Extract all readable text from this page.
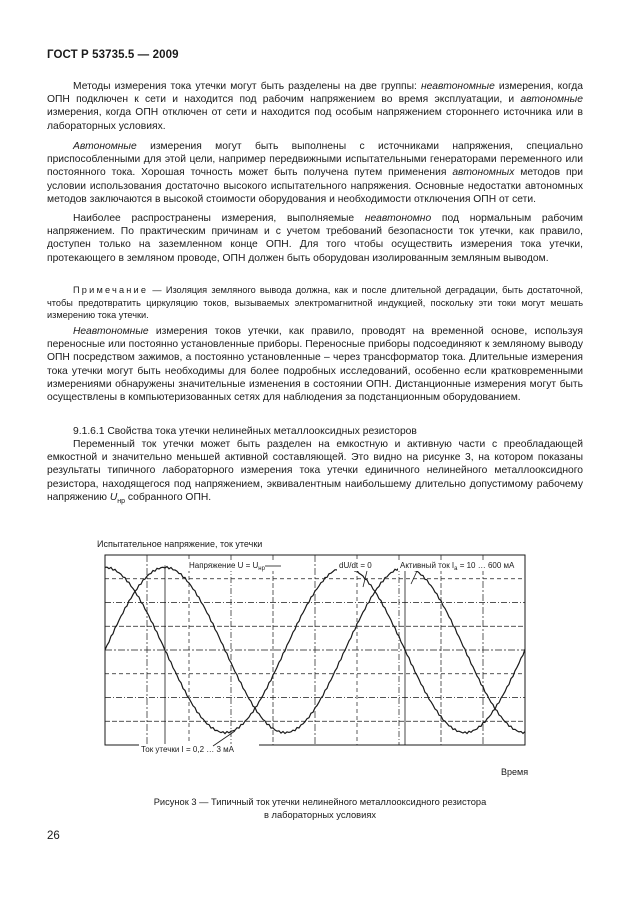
ГОСТ Р 53735.5 — 2009

Методы измерения тока утечки могут быть разделены на две группы: неавтономные измерения, когда ОПН подключен к сети и находится под рабочим напряжением во время эксплуатации, и автономные измерения, когда ОПН отключен от сети и находится под особым напряжением стороннего источника или в лабораторных условиях.

Автономные измерения могут быть выполнены с источниками напряжения, специально приспособленными для этой цели, например передвижными испытательными генераторами переменного или постоянного тока. Хорошая точность может быть получена путем применения автономных методов при условии использования достаточно высокого испытательного напряжения. Основные недостатки автономных методов заключаются в высокой стоимости оборудования и необходимости отключения ОПН от сети.

Наиболее распространены измерения, выполняемые неавтономно под нормальным рабочим напряжением. По практическим причинам и с учетом требований безопасности ток утечки, как правило, доступен только на заземленном конце ОПН. Для того чтобы осуществить измерения тока утечки, протекающего в земляном проводе, ОПН должен быть оборудован изолированным земляным выводом.

Примечание — Изоляция земляного вывода должна, как и после длительной деградации, быть достаточной, чтобы предотвратить циркуляцию токов, вызываемых электромагнитной индукцией, поскольку эти токи могут мешать измерению тока утечки.

Неавтономные измерения токов утечки, как правило, проводят на временной основе, используя переносные или постоянно установленные приборы. Переносные приборы подсоединяют к земляному выводу ОПН посредством зажимов, а постоянно установленные – через трансформатор тока. Длительные измерения тока утечки могут быть необходимы для более подробных исследований, особенно если кратковременными измерениями обнаружены значительные изменения в состоянии ОПН. Дистанционные измерения могут быть осуществлены в компьютеризованных сетях для наблюдения за подстанционным оборудованием.

9.1.6.1 Свойства тока утечки нелинейных металлооксидных резисторов

Переменный ток утечки может быть разделен на емкостную и активную части с преобладающей емкостной и значительно меньшей активной составляющей. Это видно на рисунке 3, на котором показаны результаты типичного лабораторного измерения тока утечки единичного нелинейного металлооксидного резистора, находящегося под напряжением, эквивалентным наибольшему длительно допустимому рабочему напряжению $U_{нр}$ собранного ОПН.

Испытательное напряжение, ток утечки
Напряжение $U = U_{нр}$	dU/dt = 0	Активный ток $I_а = 10$ … 600 мА
Ток утечки I = 0,2 … 3 мА
Время
Рисунок 3 — Типичный ток утечки нелинейного металлооксидного резистора
в лабораторных условиях
26
